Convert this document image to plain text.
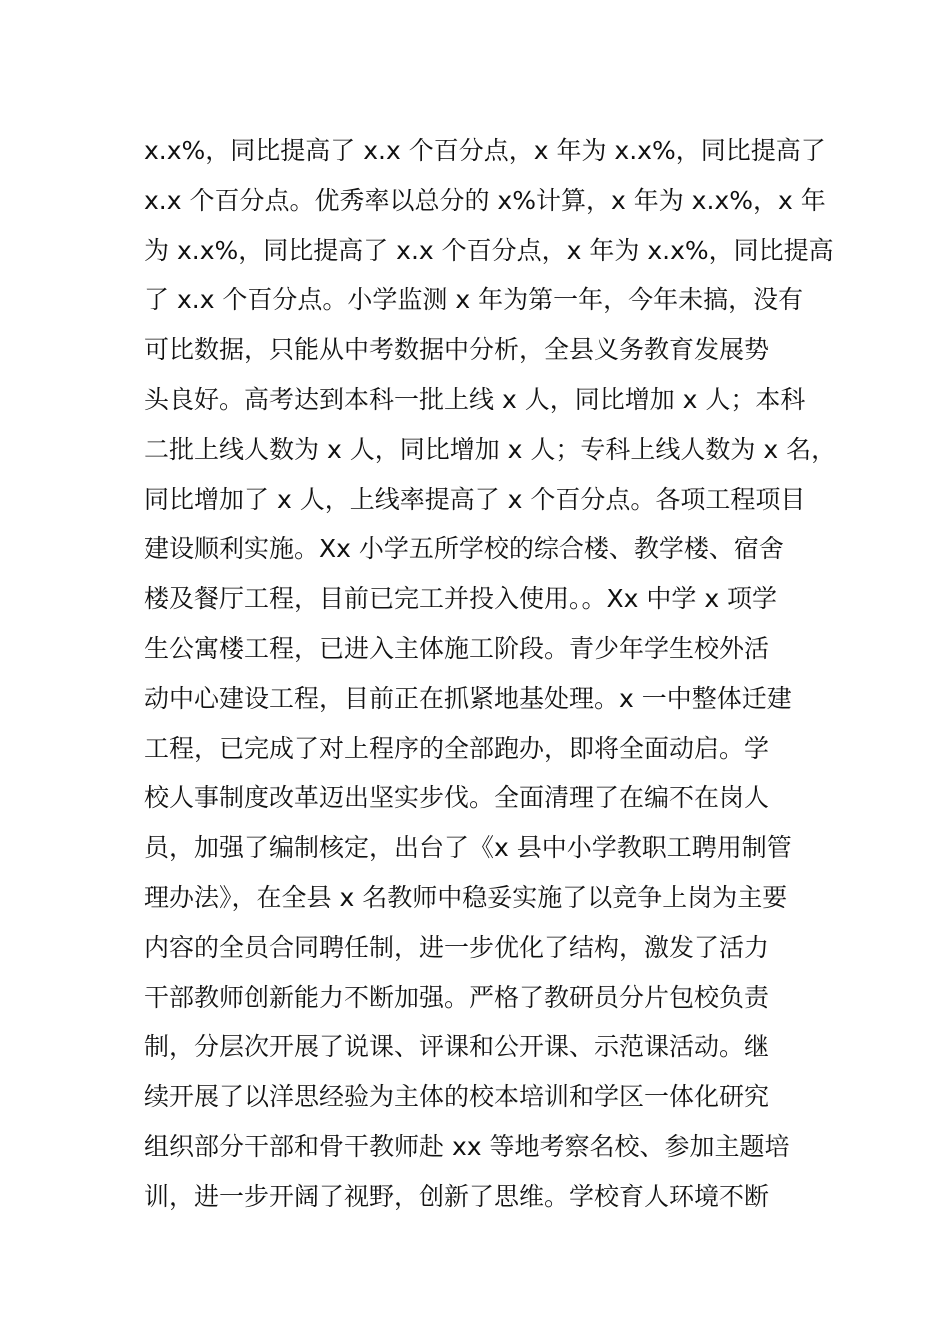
x.x%，同比提高了 x.x 个百分点，x 年为 x.x%，同比提高了
x.x 个百分点。优秀率以总分的 x%计算，x 年为 x.x%，x 年
为 x.x%，同比提高了 x.x 个百分点，x 年为 x.x%，同比提高
了 x.x 个百分点。小学监测 x 年为第一年，今年未搞，没有
可比数据，只能从中考数据中分析，全县义务教育发展势
头良好。高考达到本科一批上线 x 人，同比增加 x 人；本科
二批上线人数为 x 人，同比增加 x 人；专科上线人数为 x 名，
同比增加了 x 人，上线率提高了 x 个百分点。各项工程项目
建设顺利实施。Xx 小学五所学校的综合楼、教学楼、宿舍
楼及餐厅工程，目前已完工并投入使用。。Xx 中学 x 项学
生公寓楼工程，已进入主体施工阶段。青少年学生校外活
动中心建设工程，目前正在抓紧地基处理。x 一中整体迁建
工程，已完成了对上程序的全部跑办，即将全面动启。学
校人事制度改革迈出坚实步伐。全面清理了在编不在岗人
员，加强了编制核定，出台了《x 县中小学教职工聘用制管
理办法》，在全县 x 名教师中稳妥实施了以竞争上岗为主要
内容的全员合同聘任制，进一步优化了结构，激发了活力
干部教师创新能力不断加强。严格了教研员分片包校负责
制，分层次开展了说课、评课和公开课、示范课活动。继
续开展了以洋思经验为主体的校本培训和学区一体化研究
组织部分干部和骨干教师赴 xx 等地考察名校、参加主题培
训，进一步开阔了视野，创新了思维。学校育人环境不断
